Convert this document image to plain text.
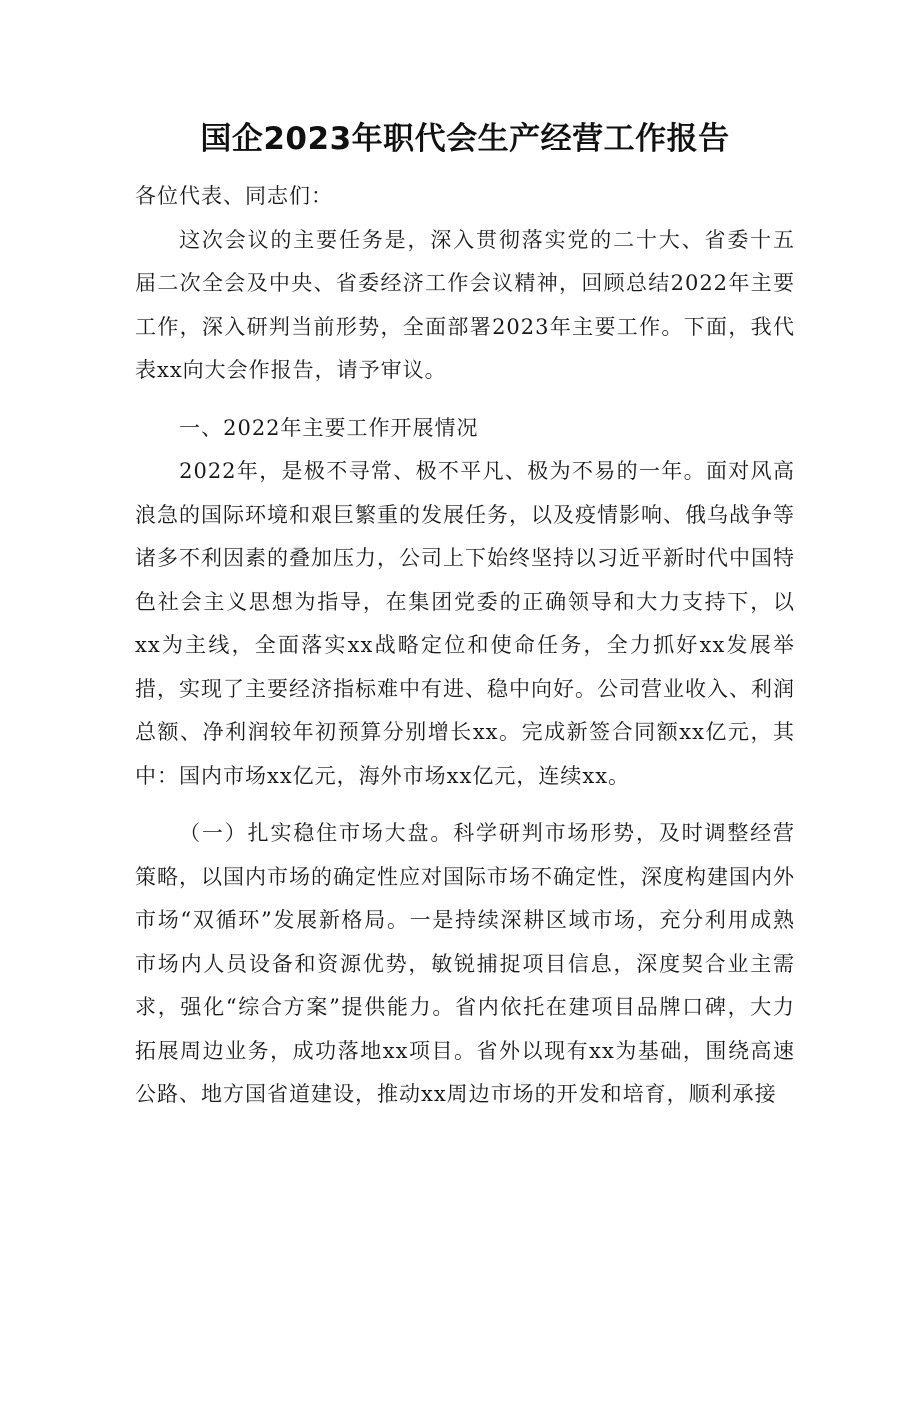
国企2023年职代会生产经营工作报告
各位代表、同志们：

这次会议的主要任务是，深入贯彻落实党的二十大、省委十五届二次全会及中央、省委经济工作会议精神，回顾总结2022年主要工作，深入研判当前形势，全面部署2023年主要工作。下面，我代表xx向大会作报告，请予审议。

一、2022年主要工作开展情况

2022年，是极不寻常、极不平凡、极为不易的一年。面对风高浪急的国际环境和艰巨繁重的发展任务，以及疫情影响、俄乌战争等诸多不利因素的叠加压力，公司上下始终坚持以习近平新时代中国特色社会主义思想为指导，在集团党委的正确领导和大力支持下，以xx为主线，全面落实xx战略定位和使命任务，全力抓好xx发展举措，实现了主要经济指标难中有进、稳中向好。公司营业收入、利润总额、净利润较年初预算分别增长xx。完成新签合同额xx亿元，其中：国内市场xx亿元，海外市场xx亿元，连续xx。

（一）扎实稳住市场大盘。科学研判市场形势，及时调整经营策略，以国内市场的确定性应对国际市场不确定性，深度构建国内外市场“双循环”发展新格局。一是持续深耕区域市场，充分利用成熟市场内人员设备和资源优势，敏锐捕捉项目信息，深度契合业主需求，强化“综合方案”提供能力。省内依托在建项目品牌口碑，大力拓展周边业务，成功落地xx项目。省外以现有xx为基础，围绕高速公路、地方国省道建设，推动xx周边市场的开发和培育，顺利承接
